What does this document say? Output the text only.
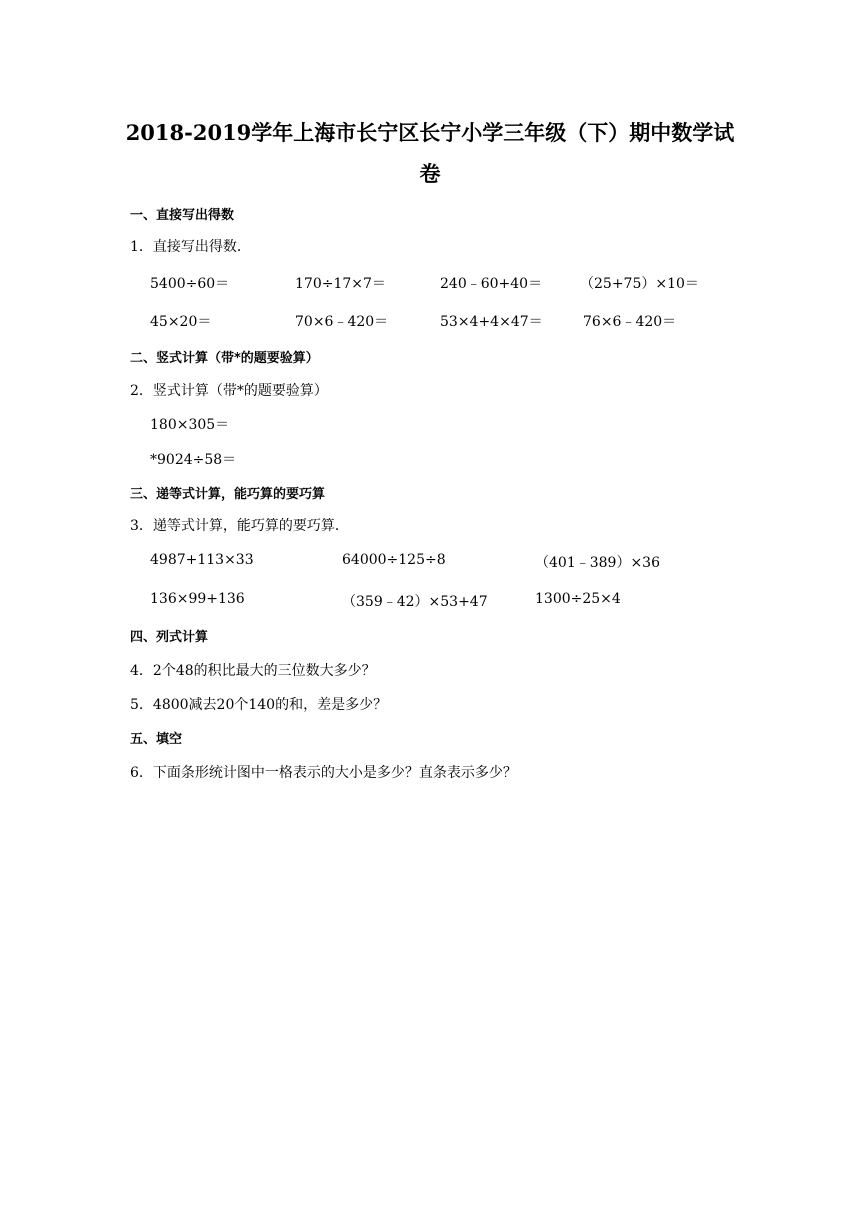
2018-2019学年上海市长宁区长宁小学三年级（下）期中数学试
卷
一、直接写出得数
1．直接写出得数．
5400÷60＝	170÷17×7＝	240﹣60+40＝	（25+75）×10＝
45×20＝	70×6﹣420＝	53×4+4×47＝	76×6﹣420＝
二、竖式计算（带*的题要验算）
2．竖式计算（带*的题要验算）
180×305＝
*9024÷58＝
三、递等式计算，能巧算的要巧算
3．递等式计算，能巧算的要巧算．
4987+113×33	64000÷125÷8	（401﹣389）×36
136×99+136	（359﹣42）×53+47	1300÷25×4
四、列式计算
4．2个48的积比最大的三位数大多少？
5．4800减去20个140的和，差是多少？
五、填空
6．下面条形统计图中一格表示的大小是多少？直条表示多少？
